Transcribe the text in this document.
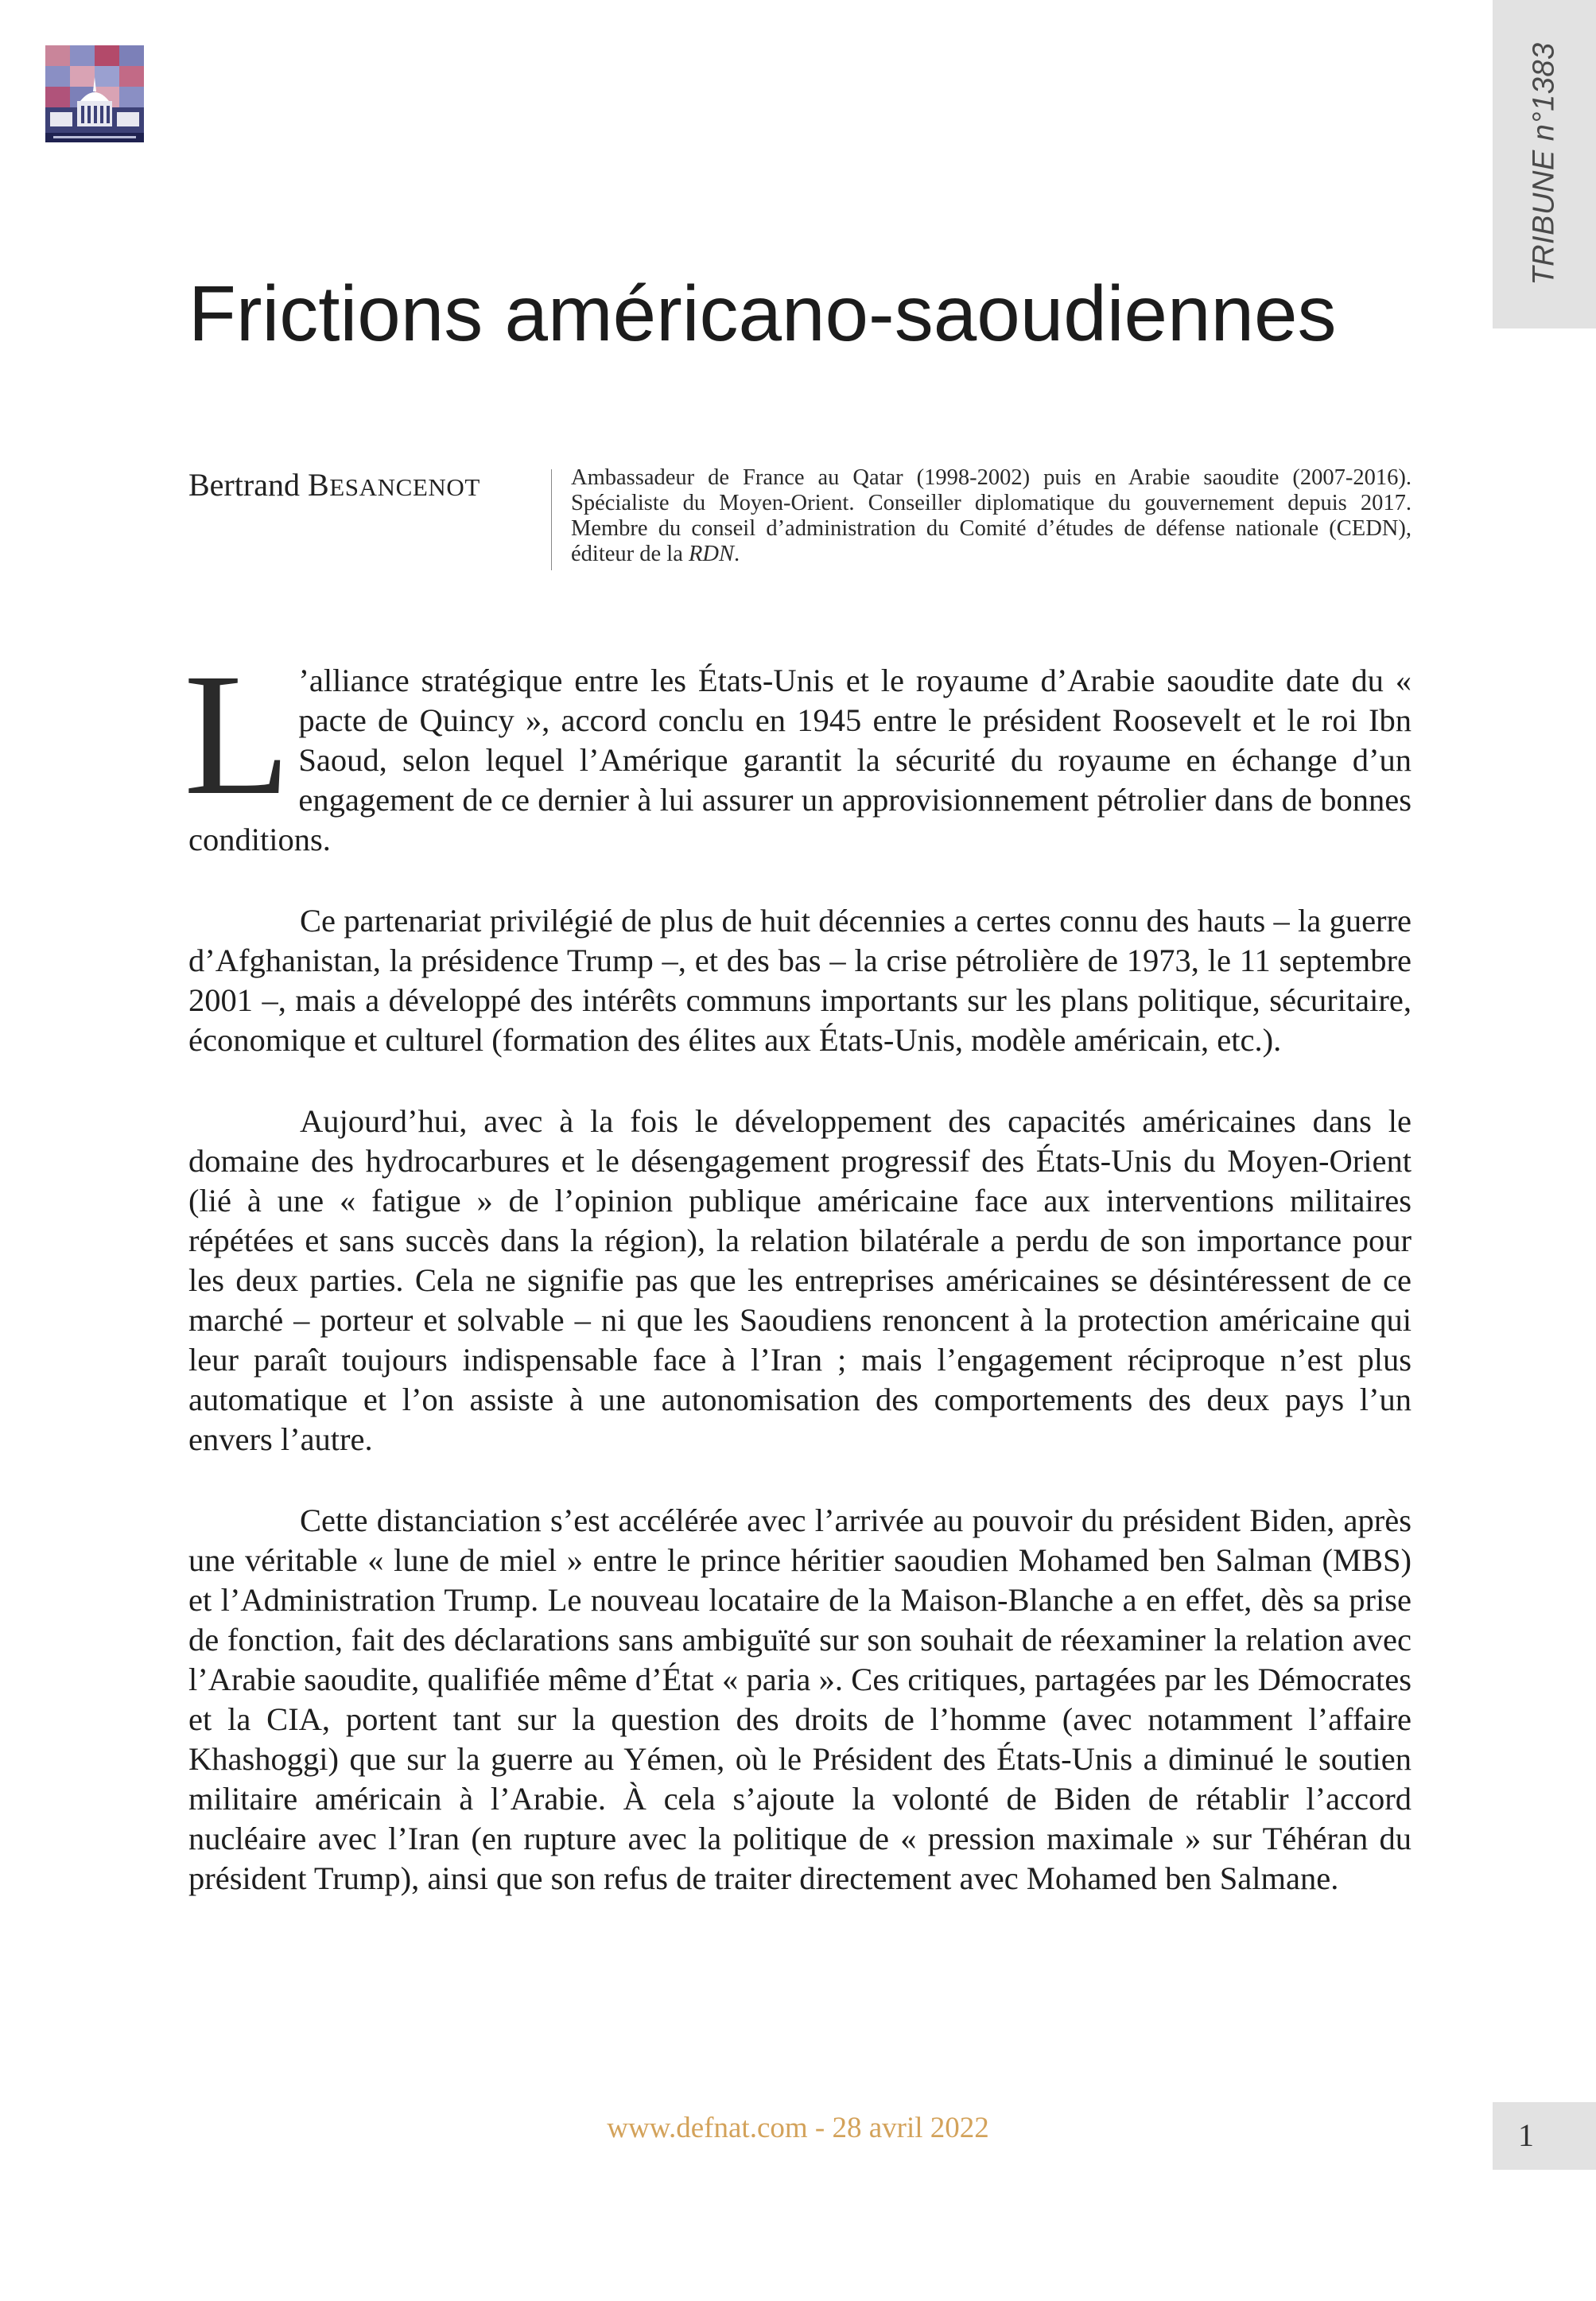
TRIBUNE n°1383
Frictions américano-saoudiennes
Bertrand BESANCENOT	Ambassadeur de France au Qatar (1998-2002) puis en Arabie saoudite (2007-2016). Spécialiste du Moyen-Orient. Conseiller diplomatique du gouvernement depuis 2017. Membre du conseil d’administration du Comité d’études de défense nationale (CEDN), éditeur de la RDN.

L ’alliance stratégique entre les États-Unis et le royaume d’Arabie saoudite date du « pacte de Quincy », accord conclu en 1945 entre le président Roosevelt et le roi Ibn Saoud, selon lequel l’Amérique garantit la sécurité du royaume en échange d’un engagement de ce dernier à lui assurer un approvisionnement pétrolier dans de bonnes conditions.

Ce partenariat privilégié de plus de huit décennies a certes connu des hauts – la guerre d’Afghanistan, la présidence Trump –, et des bas – la crise pétrolière de 1973, le 11 septembre 2001 –, mais a développé des intérêts communs importants sur les plans politique, sécuritaire, économique et culturel (formation des élites aux États-Unis, modèle américain, etc.).

Aujourd’hui, avec à la fois le développement des capacités américaines dans le domaine des hydrocarbures et le désengagement progressif des États-Unis du Moyen-Orient (lié à une « fatigue » de l’opinion publique américaine face aux interventions militaires répétées et sans succès dans la région), la relation bilatérale a perdu de son importance pour les deux parties. Cela ne signifie pas que les entreprises américaines se désintéressent de ce marché – porteur et solvable – ni que les Saoudiens renoncent à la protection américaine qui leur paraît toujours indispensable face à l’Iran ; mais l’engagement réciproque n’est plus automatique et l’on assiste à une autonomisation des comportements des deux pays l’un envers l’autre.

Cette distanciation s’est accélérée avec l’arrivée au pouvoir du président Biden, après une véritable « lune de miel » entre le prince héritier saoudien Mohamed ben Salman (MBS) et l’Administration Trump. Le nouveau locataire de la Maison-Blanche a en effet, dès sa prise de fonction, fait des déclarations sans ambiguïté sur son souhait de réexaminer la relation avec l’Arabie saoudite, qualifiée même d’État « paria ». Ces critiques, partagées par les Démocrates et la CIA, portent tant sur la question des droits de l’homme (avec notamment l’affaire Khashoggi) que sur la guerre au Yémen, où le Président des États-Unis a diminué le soutien militaire américain à l’Arabie. À cela s’ajoute la volonté de Biden de rétablir l’accord nucléaire avec l’Iran (en rupture avec la politique de « pression maximale » sur Téhéran du président Trump), ainsi que son refus de traiter directement avec Mohamed ben Salmane.

www.defnat.com - 28 avril 2022	1
